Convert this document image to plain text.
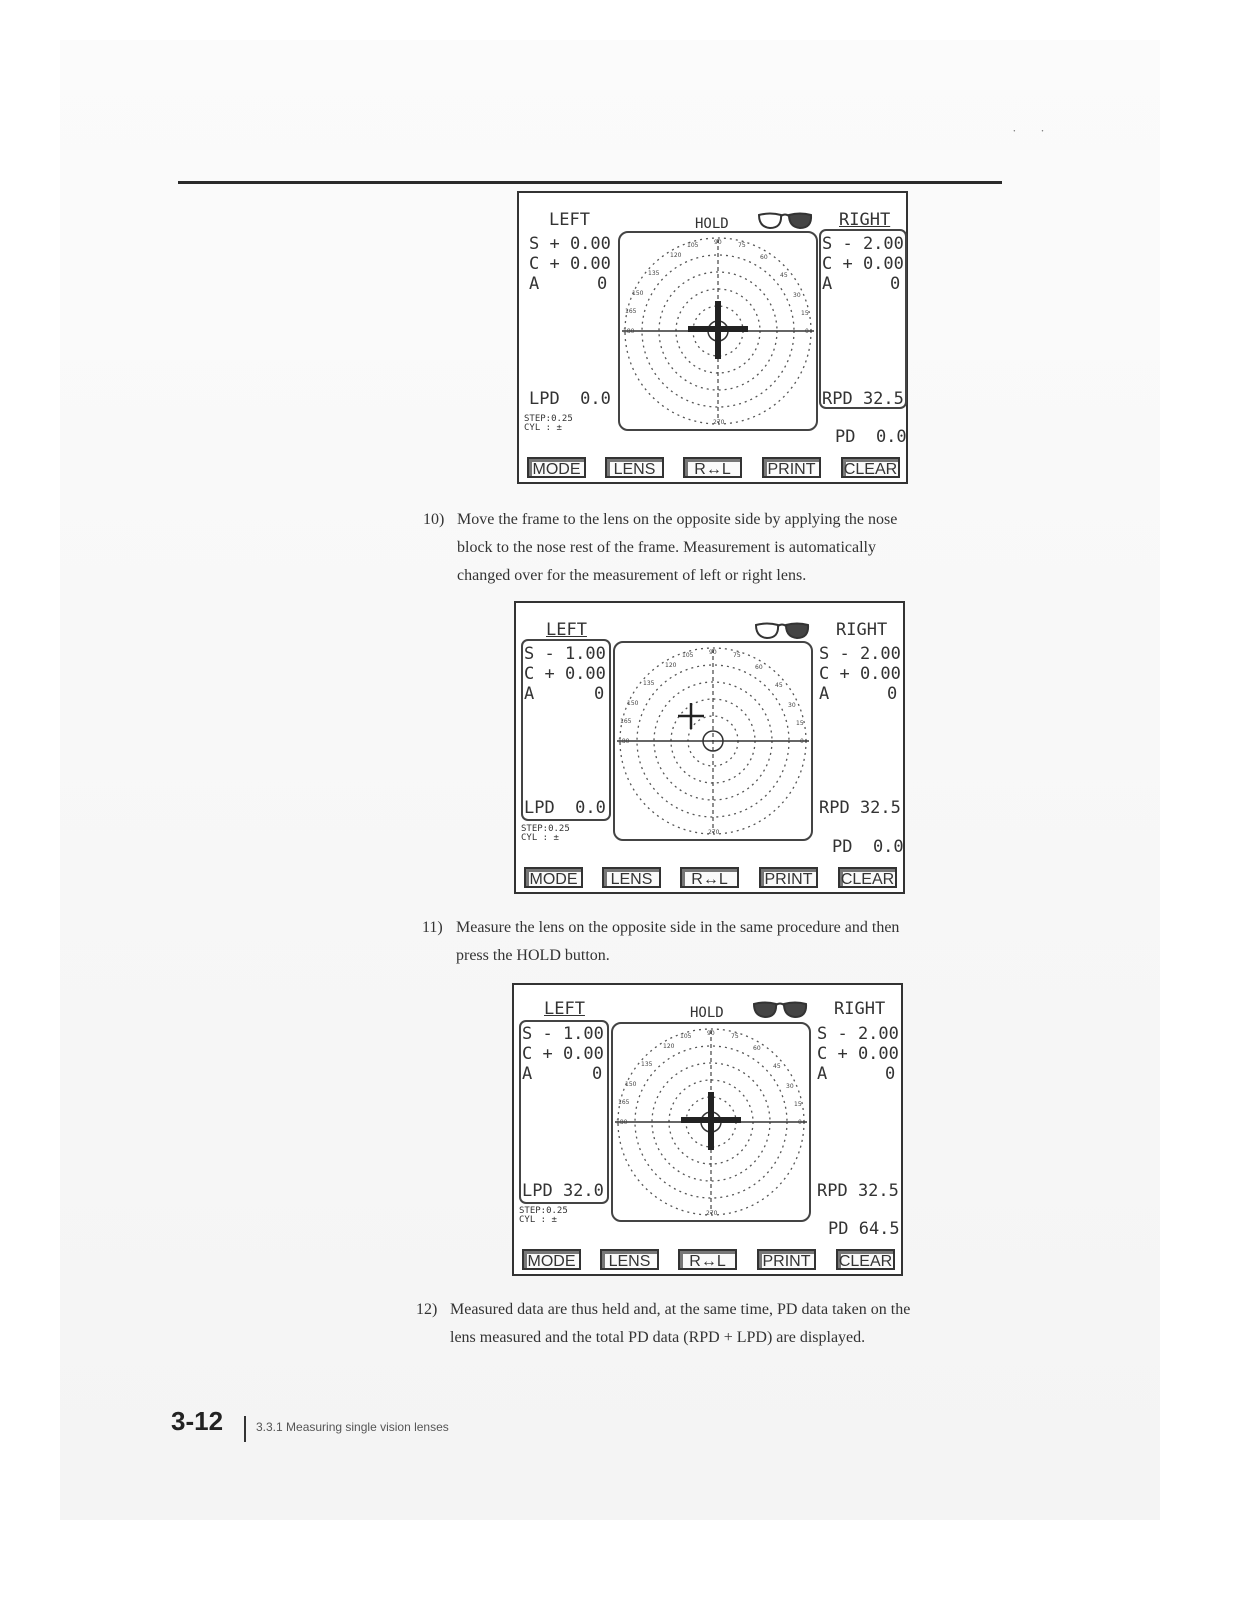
˙ ˙
LEFT	HOLD	RIGHT
S + 0.00
C + 0.00
A	0
105	90	75
120	60
135	45
150	30
165	15
180	0
270
S - 2.00
C + 0.00
A	0
LPD  0.0	RPD 32.5
STEP:0.25
CYL : ±	PD  0.0
MODE	LENS	R↔L	PRINT	CLEAR
10) Move the frame to the lens on the opposite side by applying the nose
block to the nose rest of the frame. Measurement is automatically
changed over for the measurement of left or right lens.
LEFT	RIGHT
S - 1.00
C + 0.00
A	0
105	90	75
120	60
135	45
150	30
165	15
180	0
270
S - 2.00
C + 0.00
A	0
LPD  0.0	RPD 32.5
STEP:0.25
CYL : ±	PD  0.0
MODE	LENS	R↔L	PRINT	CLEAR
11) Measure the lens on the opposite side in the same procedure and then
press the HOLD button.
LEFT	HOLD	RIGHT
S - 1.00
C + 0.00
A	0
105	90	75
120	60
135	45
150	30
165	15
180	0
270
S - 2.00
C + 0.00
A	0
LPD 32.0	RPD 32.5
STEP:0.25
CYL : ±	PD 64.5
MODE	LENS	R↔L	PRINT	CLEAR
12) Measured data are thus held and, at the same time, PD data taken on the
lens measured and the total PD data (RPD + LPD) are displayed.
3-12	3.3.1 Measuring single vision lenses
